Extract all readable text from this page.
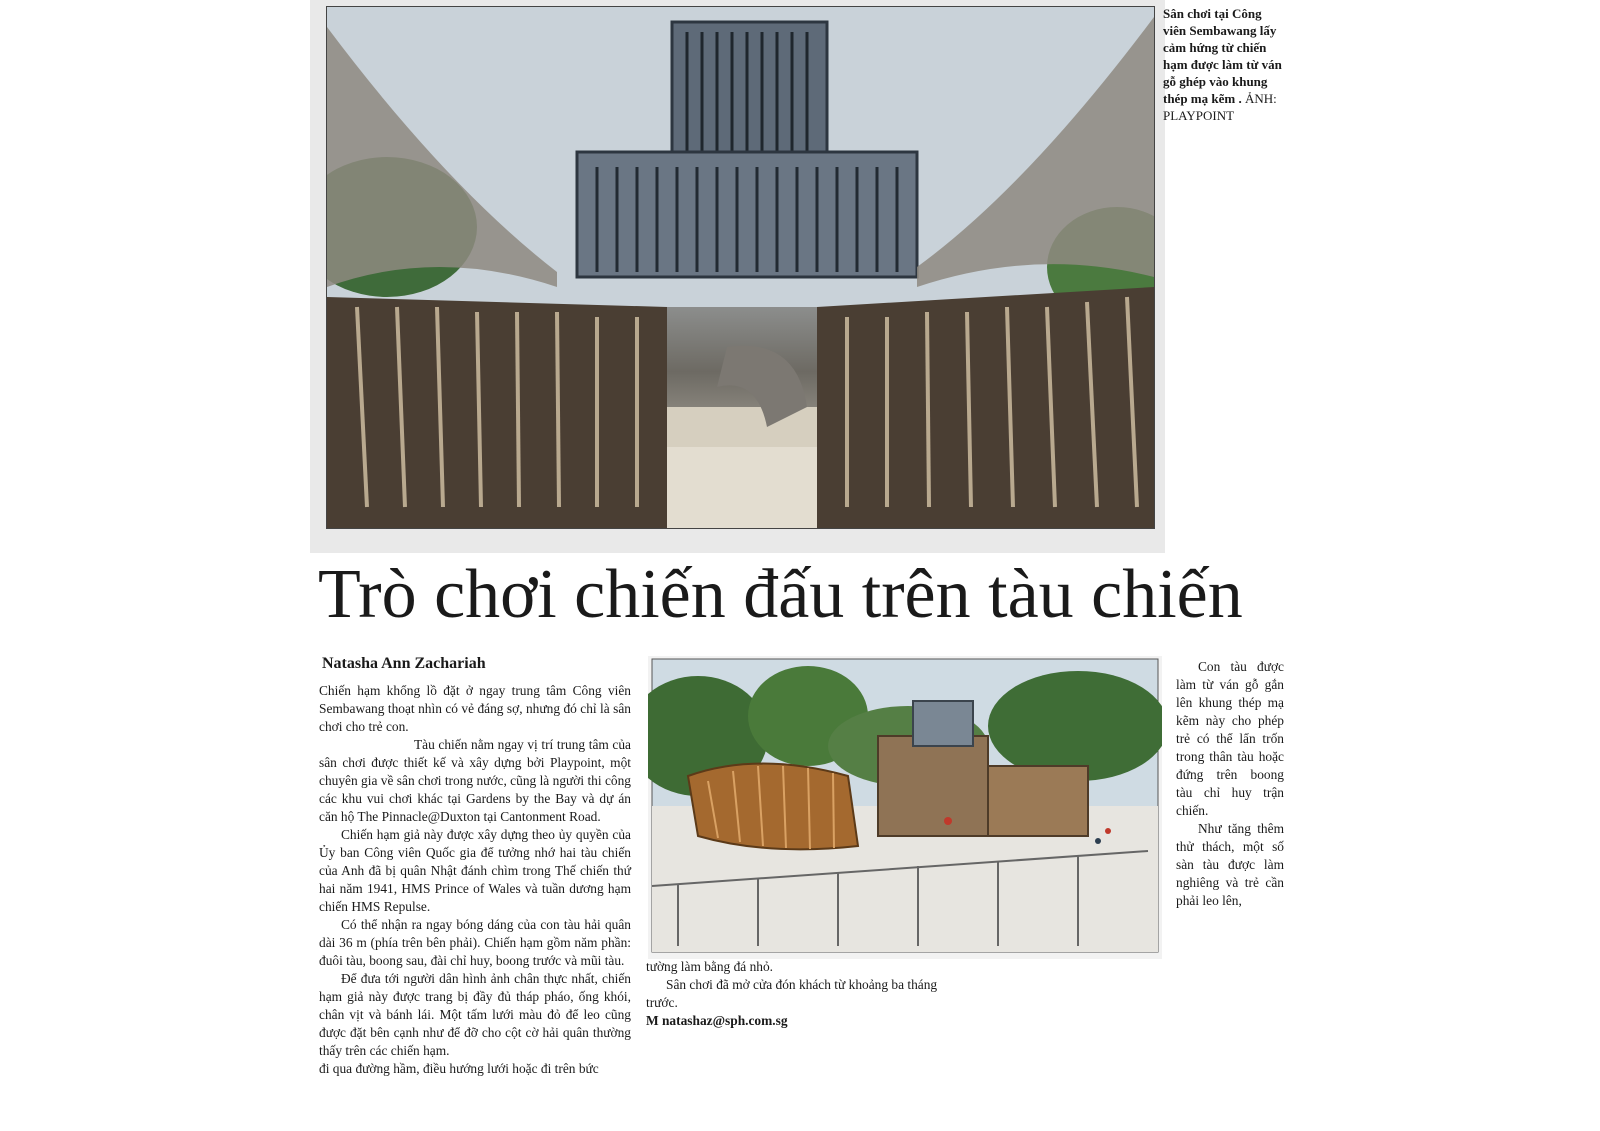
Sân chơi tại Công viên Sembawang lấy cảm hứng từ chiến hạm được làm từ ván gỗ ghép vào khung thép mạ kẽm . ẢNH: PLAYPOINT
Trò chơi chiến đấu trên tàu chiến
Natasha Ann Zachariah

Chiến hạm khổng lồ đặt ở ngay trung tâm Công viên Sembawang thoạt nhìn có vẻ đáng sợ, nhưng đó chỉ là sân chơi cho trẻ con.

Tàu chiến nằm ngay vị trí trung tâm của sân chơi được thiết kế và xây dựng bởi Playpoint, một chuyên gia về sân chơi trong nước, cũng là người thi công các khu vui chơi khác tại Gardens by the Bay và dự án căn hộ The Pinnacle@Duxton tại Cantonment Road.

Chiến hạm giả này được xây dựng theo ủy quyền của Ủy ban Công viên Quốc gia để tưởng nhớ hai tàu chiến của Anh đã bị quân Nhật đánh chìm trong Thế chiến thứ hai năm 1941, HMS Prince of Wales và tuần dương hạm chiến HMS Repulse.

Có thể nhận ra ngay bóng dáng của con tàu hải quân dài 36 m (phía trên bên phải). Chiến hạm gồm năm phần: đuôi tàu, boong sau, đài chỉ huy, boong trước và mũi tàu.

Để đưa tới người dân hình ảnh chân thực nhất, chiến hạm giả này được trang bị đầy đủ tháp pháo, ống khói, chân vịt và bánh lái. Một tấm lưới màu đỏ để leo cũng được đặt bên cạnh như để đỡ cho cột cờ hải quân thường thấy trên các chiến hạm.

đi qua đường hầm, điều hướng lưới hoặc đi trên bức

tường làm bằng đá nhỏ.

Sân chơi đã mở cửa đón khách từ khoảng ba tháng trước.

M natashaz@sph.com.sg

Con tàu được làm từ ván gỗ gắn lên khung thép mạ kẽm này cho phép trẻ có thể lẩn trốn trong thân tàu hoặc đứng trên boong tàu chỉ huy trận chiến.

Như tăng thêm thử thách, một số sàn tàu được làm nghiêng và trẻ cần phải leo lên,
